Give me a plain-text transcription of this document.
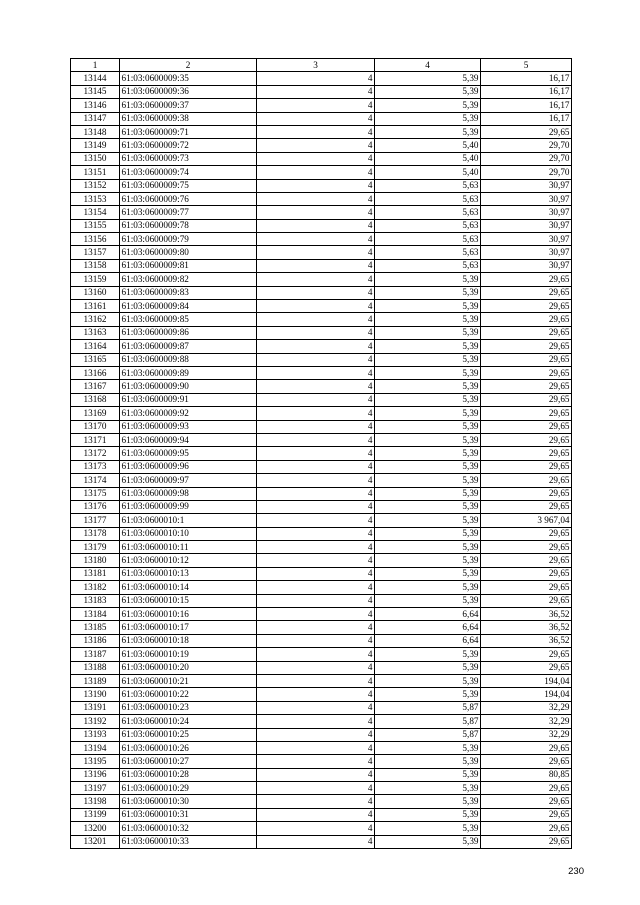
1	2	3	4	5
13144	61:03:0600009:35	4	5,39	16,17
13145	61:03:0600009:36	4	5,39	16,17
13146	61:03:0600009:37	4	5,39	16,17
13147	61:03:0600009:38	4	5,39	16,17
13148	61:03:0600009:71	4	5,39	29,65
13149	61:03:0600009:72	4	5,40	29,70
13150	61:03:0600009:73	4	5,40	29,70
13151	61:03:0600009:74	4	5,40	29,70
13152	61:03:0600009:75	4	5,63	30,97
13153	61:03:0600009:76	4	5,63	30,97
13154	61:03:0600009:77	4	5,63	30,97
13155	61:03:0600009:78	4	5,63	30,97
13156	61:03:0600009:79	4	5,63	30,97
13157	61:03:0600009:80	4	5,63	30,97
13158	61:03:0600009:81	4	5,63	30,97
13159	61:03:0600009:82	4	5,39	29,65
13160	61:03:0600009:83	4	5,39	29,65
13161	61:03:0600009:84	4	5,39	29,65
13162	61:03:0600009:85	4	5,39	29,65
13163	61:03:0600009:86	4	5,39	29,65
13164	61:03:0600009:87	4	5,39	29,65
13165	61:03:0600009:88	4	5,39	29,65
13166	61:03:0600009:89	4	5,39	29,65
13167	61:03:0600009:90	4	5,39	29,65
13168	61:03:0600009:91	4	5,39	29,65
13169	61:03:0600009:92	4	5,39	29,65
13170	61:03:0600009:93	4	5,39	29,65
13171	61:03:0600009:94	4	5,39	29,65
13172	61:03:0600009:95	4	5,39	29,65
13173	61:03:0600009:96	4	5,39	29,65
13174	61:03:0600009:97	4	5,39	29,65
13175	61:03:0600009:98	4	5,39	29,65
13176	61:03:0600009:99	4	5,39	29,65
13177	61:03:0600010:1	4	5,39	3 967,04
13178	61:03:0600010:10	4	5,39	29,65
13179	61:03:0600010:11	4	5,39	29,65
13180	61:03:0600010:12	4	5,39	29,65
13181	61:03:0600010:13	4	5,39	29,65
13182	61:03:0600010:14	4	5,39	29,65
13183	61:03:0600010:15	4	5,39	29,65
13184	61:03:0600010:16	4	6,64	36,52
13185	61:03:0600010:17	4	6,64	36,52
13186	61:03:0600010:18	4	6,64	36,52
13187	61:03:0600010:19	4	5,39	29,65
13188	61:03:0600010:20	4	5,39	29,65
13189	61:03:0600010:21	4	5,39	194,04
13190	61:03:0600010:22	4	5,39	194,04
13191	61:03:0600010:23	4	5,87	32,29
13192	61:03:0600010:24	4	5,87	32,29
13193	61:03:0600010:25	4	5,87	32,29
13194	61:03:0600010:26	4	5,39	29,65
13195	61:03:0600010:27	4	5,39	29,65
13196	61:03:0600010:28	4	5,39	80,85
13197	61:03:0600010:29	4	5,39	29,65
13198	61:03:0600010:30	4	5,39	29,65
13199	61:03:0600010:31	4	5,39	29,65
13200	61:03:0600010:32	4	5,39	29,65
13201	61:03:0600010:33	4	5,39	29,65
230
